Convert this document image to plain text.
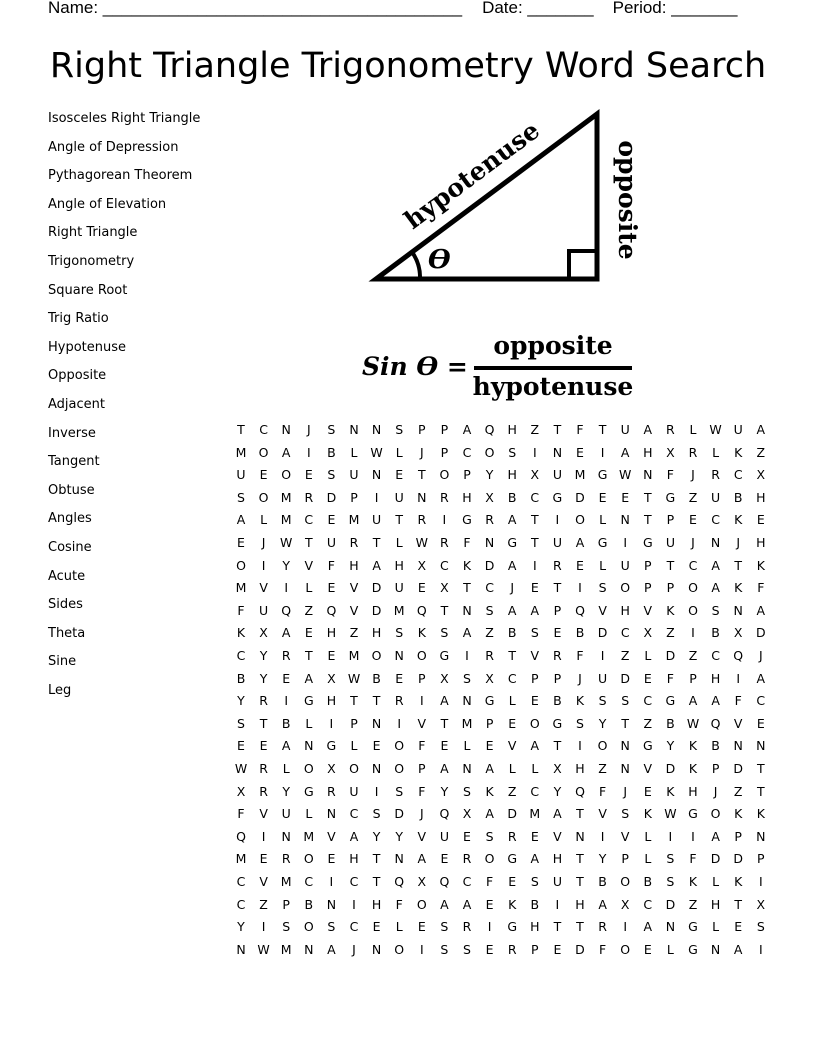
Name: ______________________________________ Date: _______ Period: _______
Right Triangle Trigonometry Word Search
Isosceles Right Triangle
Angle of Depression
Pythagorean Theorem
Angle of Elevation
Right Triangle
Trigonometry
Square Root
Trig Ratio
Hypotenuse
Opposite
Adjacent
Inverse
Tangent
Obtuse
Angles
Cosine
Acute
Sides
Theta
Sine
Leg
ϴ
hypotenuse	opposite
Sin ϴ =
opposite
hypotenuse
T	C	N	J	S	N	N	S	P	P	A	Q	H	Z	T	F	T	U	A	R	L	W U	A
M O	A	I	B	L	W	L	J	P	C	O	S	I	N	E	I	A	H	X	R	L	K	Z
U	E	O	E	S	U	N	E	T	O	P	Y	H	X	U	M G W N	F	J	R	C	X
S	O M	R	D	P	I	U	N	R	H	X	B	C	G	D	E	E	T	G	Z	U	B	H
A	L	M	C	E	M	U	T	R	I	G	R	A	T	I	O	L	N	T	P	E	C	K	E
E	J	W	T	U	R	T	L	W R	F	N	G	T	U	A	G	I	G	U	J	N	J	H
O	I	Y	V	F	H	A	H	X	C	K	D	A	I	R	E	L	U	P	T	C	A	T	K
M	V	I	L	E	V	D	U	E	X	T	C	J	E	T	I	S	O	P	P	O	A	K	F
F	U	Q	Z	Q	V	D M Q	T	N	S	A	A	P	Q	V	H	V	K	O	S	N	A
K	X	A	E	H	Z	H	S	K	S	A	Z	B	S	E	B	D	C	X	Z	I	B	X	D
C	Y	R	T	E	M O	N	O	G	I	R	T	V	R	F	I	Z	L	D	Z	C	Q	J
B	Y	E	A	X W B	E	P	X	S	X	C	P	P	J	U	D	E	F	P	H	I	A
Y	R	I	G	H	T	T	R	I	A	N	G	L	E	B	K	S	S	C	G	A	A	F	C
S	T	B	L	I	P	N	I	V	T	M	P	E	O	G	S	Y	T	Z	B W Q	V	E
E	E	A	N	G	L	E	O	F	E	L	E	V	A	T	I	O	N	G	Y	K	B	N	N
W R	L	O	X	O	N	O	P	A	N	A	L	L	X	H	Z	N	V	D	K	P	D	T
X	R	Y	G	R	U	I	S	F	Y	S	K	Z	C	Y	Q	F	J	E	K	H	J	Z	T
F	V	U	L	N	C	S	D	J	Q	X	A	D M	A	T	V	S	K W G	O	K	K
Q	I	N	M	V	A	Y	Y	V	U	E	S	R	E	V	N	I	V	L	I	I	A	P	N
M	E	R	O	E	H	T	N	A	E	R	O	G	A	H	T	Y	P	L	S	F	D	D	P
C	V	M	C	I	C	T	Q	X	Q	C	F	E	S	U	T	B	O	B	S	K	L	K	I
C	Z	P	B	N	I	H	F	O	A	A	E	K	B	I	H	A	X	C	D	Z	H	T	X
Y	I	S	O	S	C	E	L	E	S	R	I	G	H	T	T	R	I	A	N	G	L	E	S
N W M	N	A	J	N	O	I	S	S	E	R	P	E	D	F	O	E	L	G	N	A	I
